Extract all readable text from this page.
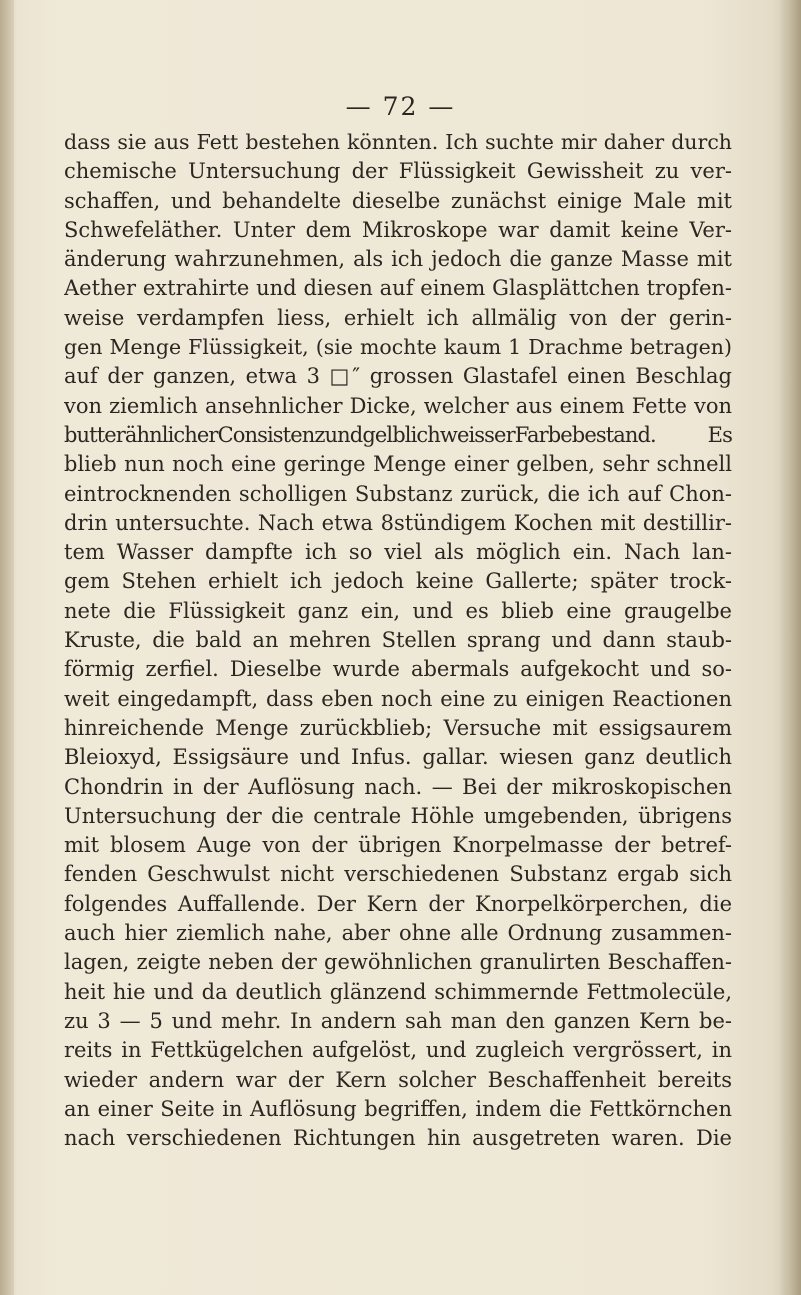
— 72 —
dass sie aus Fett bestehen könnten. Ich suchte mir daher durch
chemische Untersuchung der Flüssigkeit Gewissheit zu ver-
schaffen, und behandelte dieselbe zunächst einige Male mit
Schwefeläther. Unter dem Mikroskope war damit keine Ver-
änderung wahrzunehmen, als ich jedoch die ganze Masse mit
Aether extrahirte und diesen auf einem Glasplättchen tropfen-
weise verdampfen liess, erhielt ich allmälig von der gerin-
gen Menge Flüssigkeit, (sie mochte kaum 1 Drachme betragen)
auf der ganzen, etwa 3 □″ grossen Glastafel einen Beschlag
von ziemlich ansehnlicher Dicke, welcher aus einem Fette von
butterähnlicherConsistenzundgelblichweisserFarbebestand. Es
blieb nun noch eine geringe Menge einer gelben, sehr schnell
eintrocknenden scholligen Substanz zurück, die ich auf Chon-
drin untersuchte. Nach etwa 8stündigem Kochen mit destillir-
tem Wasser dampfte ich so viel als möglich ein. Nach lan-
gem Stehen erhielt ich jedoch keine Gallerte; später trock-
nete die Flüssigkeit ganz ein, und es blieb eine graugelbe
Kruste, die bald an mehren Stellen sprang und dann staub-
förmig zerfiel. Dieselbe wurde abermals aufgekocht und so-
weit eingedampft, dass eben noch eine zu einigen Reactionen
hinreichende Menge zurückblieb; Versuche mit essigsaurem
Bleioxyd, Essigsäure und Infus. gallar. wiesen ganz deutlich
Chondrin in der Auflösung nach. — Bei der mikroskopischen
Untersuchung der die centrale Höhle umgebenden, übrigens
mit blosem Auge von der übrigen Knorpelmasse der betref-
fenden Geschwulst nicht verschiedenen Substanz ergab sich
folgendes Auffallende. Der Kern der Knorpelkörperchen, die
auch hier ziemlich nahe, aber ohne alle Ordnung zusammen-
lagen, zeigte neben der gewöhnlichen granulirten Beschaffen-
heit hie und da deutlich glänzend schimmernde Fettmolecüle,
zu 3 — 5 und mehr. In andern sah man den ganzen Kern be-
reits in Fettkügelchen aufgelöst, und zugleich vergrössert, in
wieder andern war der Kern solcher Beschaffenheit bereits
an einer Seite in Auflösung begriffen, indem die Fettkörnchen
nach verschiedenen Richtungen hin ausgetreten waren. Die
